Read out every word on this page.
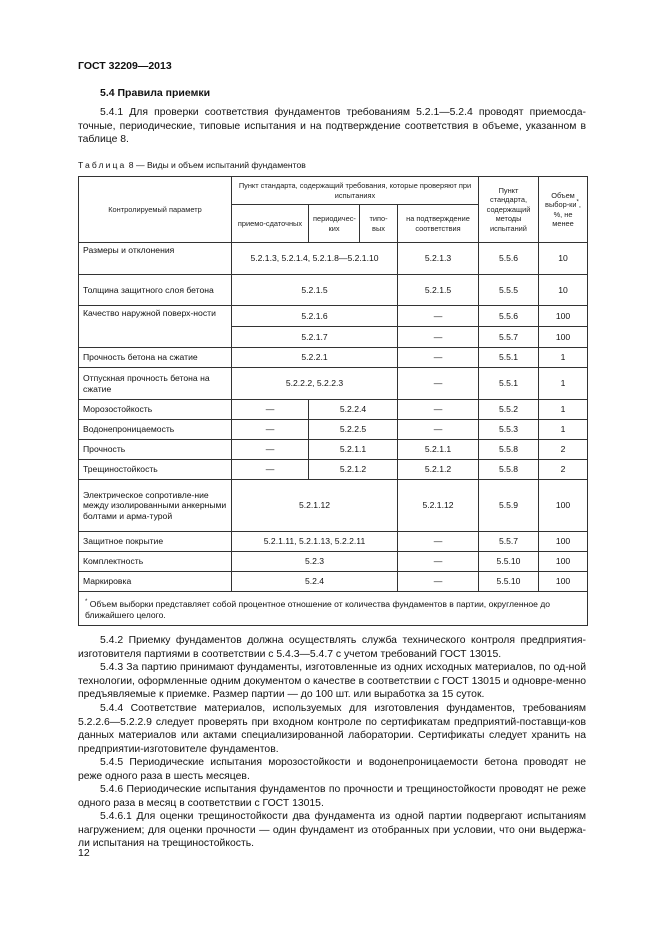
ГОСТ 32209—2013
5.4 Правила приемки
5.4.1 Для проверки соответствия фундаментов требованиям 5.2.1—5.2.4 проводят приемосда-точные, периодические, типовые испытания и на подтверждение соответствия в объеме, указанном в таблице 8.
Таблица 8 — Виды и объем испытаний фундаментов
Контролируемый параметр	Пункт стандарта, содержащий требования, которые проверяют при испытаниях				Пункт стандарта, содержащий методы испытаний	Объем выбор-ки*, %, не менее
	приемо-сдаточных	периодичес-ких	типо-вых	на подтверждение соответствия		
Размеры и отклонения	5.2.1.3, 5.2.1.4, 5.2.1.8—5.2.1.10			5.2.1.3	5.5.6	10
Толщина защитного слоя бетона	5.2.1.5			5.2.1.5	5.5.5	10
Качество наружной поверх-ности	5.2.1.6			—	5.5.6	100
	5.2.1.7			—	5.5.7	100
Прочность бетона на сжатие	5.2.2.1			—	5.5.1	1
Отпускная прочность бетона на сжатие	5.2.2.2, 5.2.2.3			—	5.5.1	1
Морозостойкость	—	5.2.2.4		—	5.5.2	1
Водонепроницаемость	—	5.2.2.5		—	5.5.3	1
Прочность	—	5.2.1.1		5.2.1.1	5.5.8	2
Трещиностойкость	—	5.2.1.2		5.2.1.2	5.5.8	2
Электрическое сопротивле-ние между изолированными анкерными болтами и арма-турой	5.2.1.12			5.2.1.12	5.5.9	100
Защитное покрытие	5.2.1.11, 5.2.1.13, 5.2.2.11			—	5.5.7	100
Комплектность	5.2.3			—	5.5.10	100
Маркировка	5.2.4			—	5.5.10	100
* Объем выборки представляет собой процентное отношение от количества фундаментов в партии, округленное до ближайшего целого.						
5.4.2 Приемку фундаментов должна осуществлять служба технического контроля предприятия-изготовителя партиями в соответствии с 5.4.3—5.4.7 с учетом требований ГОСТ 13015.
5.4.3 За партию принимают фундаменты, изготовленные из одних исходных материалов, по од-ной технологии, оформленные одним документом о качестве в соответствии с ГОСТ 13015 и одновре-менно предъявляемые к приемке. Размер партии — до 100 шт. или выработка за 15 суток.
5.4.4 Соответствие материалов, используемых для изготовления фундаментов, требованиям 5.2.2.6—5.2.2.9 следует проверять при входном контроле по сертификатам предприятий-поставщи-ков данных материалов или актами специализированной лаборатории. Сертификаты следует хранить на предприятии-изготовителе фундаментов.
5.4.5 Периодические испытания морозостойкости и водонепроницаемости бетона проводят не реже одного раза в шесть месяцев.
5.4.6 Периодические испытания фундаментов по прочности и трещиностойкости проводят не реже одного раза в месяц в соответствии с ГОСТ 13015.
5.4.6.1 Для оценки трещиностойкости два фундамента из одной партии подвергают испытаниям нагружением; для оценки прочности — один фундамент из отобранных при условии, что они выдержа-ли испытания на трещиностойкость.
12
